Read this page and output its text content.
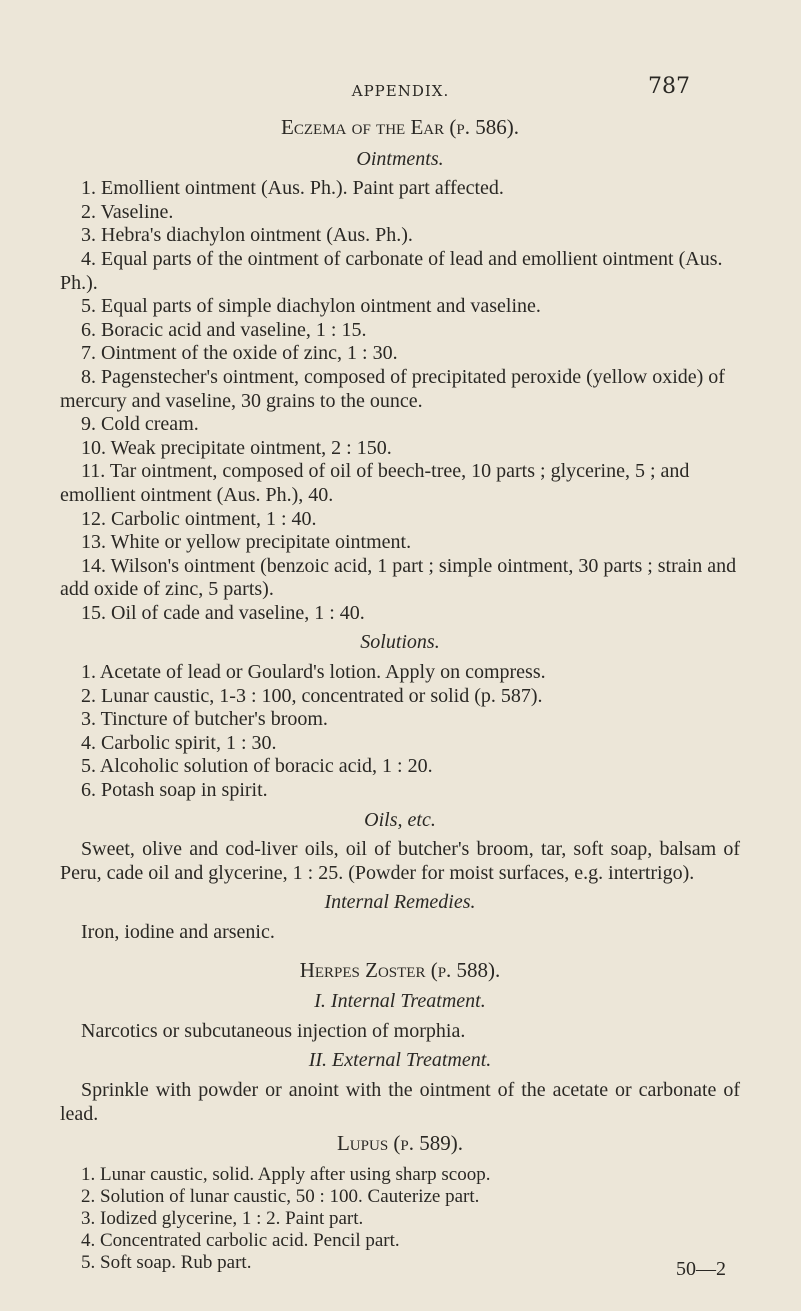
APPENDIX.	787
Eczema of the Ear (p. 586).
Ointments.

1. Emollient ointment (Aus. Ph.). Paint part affected.

2. Vaseline.

3. Hebra's diachylon ointment (Aus. Ph.).

4. Equal parts of the ointment of carbonate of lead and emollient ointment (Aus. Ph.).

5. Equal parts of simple diachylon ointment and vaseline.

6. Boracic acid and vaseline, 1 : 15.

7. Ointment of the oxide of zinc, 1 : 30.

8. Pagenstecher's ointment, composed of precipitated peroxide (yellow oxide) of mercury and vaseline, 30 grains to the ounce.

9. Cold cream.

10. Weak precipitate ointment, 2 : 150.

11. Tar ointment, composed of oil of beech-tree, 10 parts ; glycerine, 5 ; and emollient ointment (Aus. Ph.), 40.

12. Carbolic ointment, 1 : 40.

13. White or yellow precipitate ointment.

14. Wilson's ointment (benzoic acid, 1 part ; simple ointment, 30 parts ; strain and add oxide of zinc, 5 parts).

15. Oil of cade and vaseline, 1 : 40.

Solutions.

1. Acetate of lead or Goulard's lotion. Apply on compress.

2. Lunar caustic, 1-3 : 100, concentrated or solid (p. 587).

3. Tincture of butcher's broom.

4. Carbolic spirit, 1 : 30.

5. Alcoholic solution of boracic acid, 1 : 20.

6. Potash soap in spirit.

Oils, etc.

Sweet, olive and cod-liver oils, oil of butcher's broom, tar, soft soap, balsam of Peru, cade oil and glycerine, 1 : 25. (Powder for moist surfaces, e.g. intertrigo).

Internal Remedies.

Iron, iodine and arsenic.

Herpes Zoster (p. 588).
I. Internal Treatment.

Narcotics or subcutaneous injection of morphia.

II. External Treatment.

Sprinkle with powder or anoint with the ointment of the acetate or carbonate of lead.

Lupus (p. 589).

1. Lunar caustic, solid. Apply after using sharp scoop.

2. Solution of lunar caustic, 50 : 100. Cauterize part.

3. Iodized glycerine, 1 : 2. Paint part.

4. Concentrated carbolic acid. Pencil part.

5. Soft soap. Rub part.	50—2
